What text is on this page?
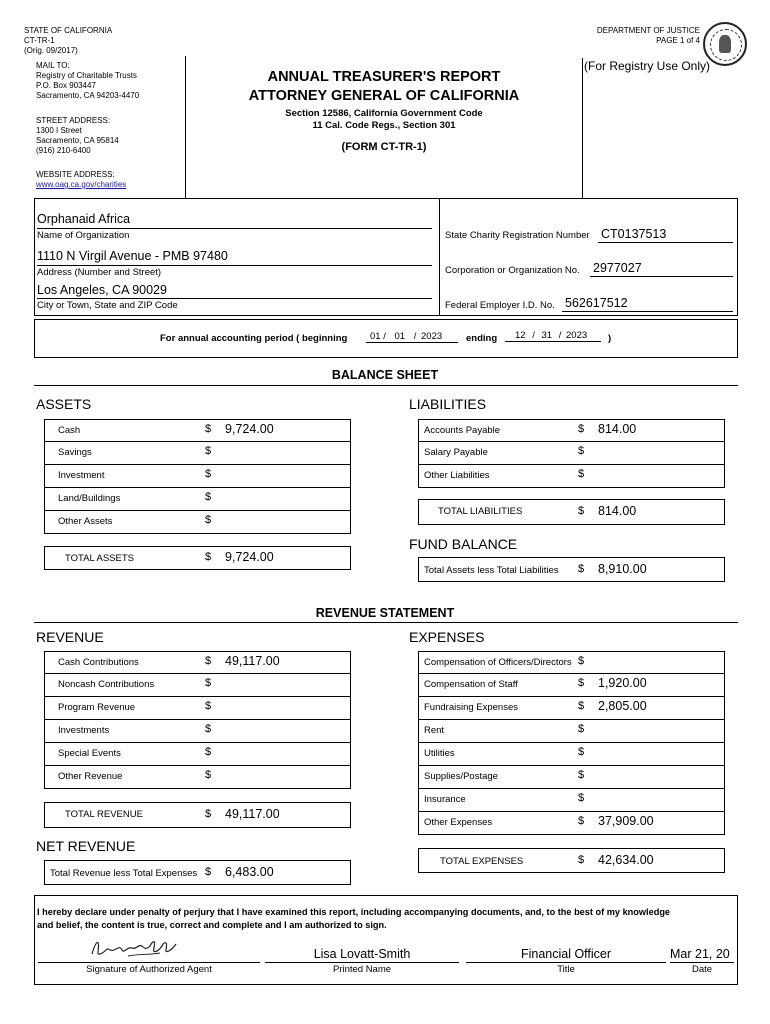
STATE OF CALIFORNIA
CT-TR-1
(Orig. 09/2017)
DEPARTMENT OF JUSTICE
PAGE 1 of 4
MAIL TO:
Registry of Charitable Trusts
P.O. Box 903447
Sacramento, CA 94203-4470
STREET ADDRESS:
1300 I Street
Sacramento, CA 95814
(916) 210-6400
WEBSITE ADDRESS:
www.oag.ca.gov/charities
ANNUAL TREASURER'S REPORT
ATTORNEY GENERAL OF CALIFORNIA
Section 12586, California Government Code
11 Cal. Code Regs., Section 301
(FORM CT-TR-1)
(For Registry Use Only)
Orphanaid Africa
Name of Organization
1110 N Virgil Avenue - PMB 97480
Address (Number and Street)
Los Angeles, CA 90029
City or Town, State and ZIP Code
State Charity Registration Number CT0137513
Corporation or Organization No. 2977027
Federal Employer I.D. No. 562617512
For annual accounting period ( beginning	01 / 01 / 2023	ending	12 / 31 / 2023	)
BALANCE SHEET
ASSETS	LIABILITIES
Cash	$ 9,724.00
Savings	$
Investment	$
Land/Buildings	$
Other Assets	$
Accounts Payable	$ 814.00
Salary Payable	$
Other Liabilities	$
TOTAL ASSETS	$ 9,724.00
TOTAL LIABILITIES	$ 814.00
FUND BALANCE
Total Assets less Total Liabilities $ 8,910.00
REVENUE STATEMENT
REVENUE	EXPENSES
Cash Contributions	$ 49,117.00
Noncash Contributions	$
Program Revenue	$
Investments	$
Special Events	$
Other Revenue	$
Compensation of Officers/Directors $
Compensation of Staff	$ 1,920.00
Fundraising Expenses	$ 2,805.00
Rent	$
Utilities	$
Supplies/Postage	$
Insurance	$
Other Expenses	$ 37,909.00
TOTAL REVENUE	$ 49,117.00
NET REVENUE
Total Revenue less Total Expenses $ 6,483.00
TOTAL EXPENSES	$ 42,634.00
I hereby declare under penalty of perjury that I have examined this report, including accompanying documents, and, to the best of my knowledge
and belief, the content is true, correct and complete and I am authorized to sign.
Signature of Authorized Agent
Lisa Lovatt-Smith
Printed Name
Financial Officer
Title
Mar 21, 20
Date
